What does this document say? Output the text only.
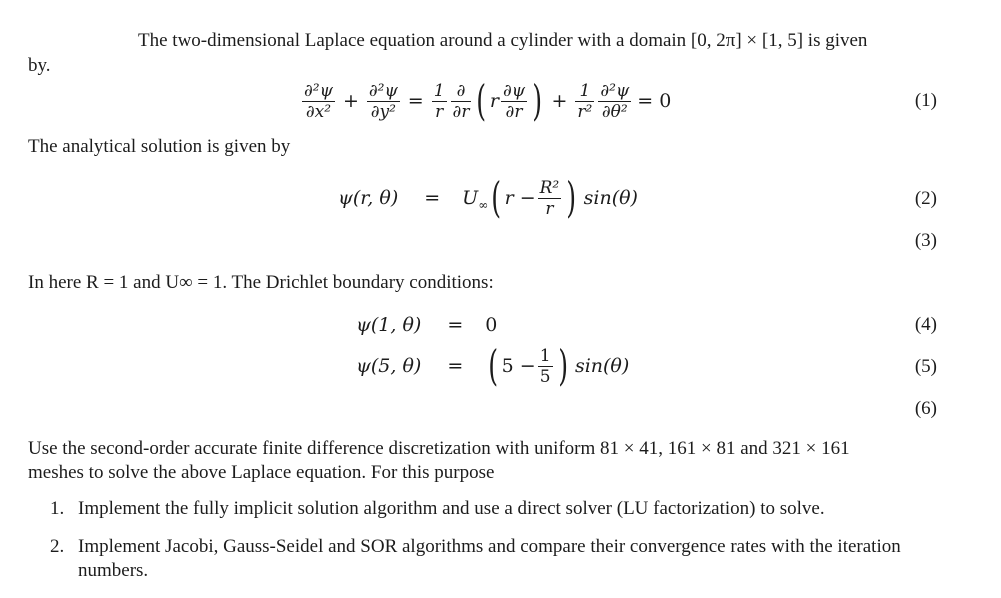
The two-dimensional Laplace equation around a cylinder with a domain [0, 2π] × [1, 5] is given
by.
$\frac{\text{∂²ψ}}{\text{∂x²}} + \frac{\text{∂²ψ}}{\text{∂y²}} = \frac{1}{r} \frac{\partial}{\partial r}$ ( r $\frac{\partial\psi}{\partial r}$ ) + $\frac{1}{\text{r²}} \frac{\text{∂²ψ}}{\text{∂θ²}} = 0$	(1)
The analytical solution is given by
ψ(r, $\theta) = U_\infty$ ( $r - \frac{\text{R²}}{r}$ ) sin(θ)	(2)
(3)
In here R = 1 and U∞ = 1. The Drichlet boundary conditions:
ψ(1, θ) = 0	(4)
ψ(5, θ) = ( $5 - \frac{1}{5}$ ) sin(θ)	(5)
(6)
Use the second-order accurate finite difference discretization with uniform 81 × 41, 161 × 81 and 321 × 161
meshes to solve the above Laplace equation. For this purpose
1. Implement the fully implicit solution algorithm and use a direct solver (LU factorization) to solve.
2. Implement Jacobi, Gauss-Seidel and SOR algorithms and compare their convergence rates with the iteration numbers.
